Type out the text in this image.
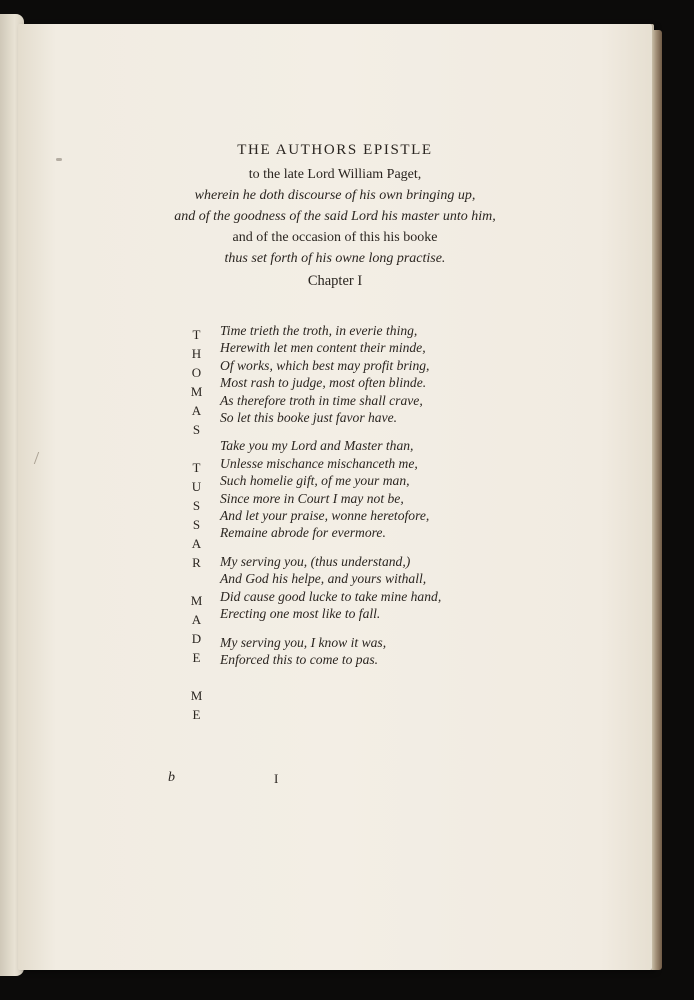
THE AUTHORS EPISTLE
to the late Lord William Paget,
wherein he doth discourse of his own bringing up,
and of the goodness of the said Lord his master unto him,
and of the occasion of this his booke
thus set forth of his owne long practise.
Chapter I
THOMAS TUSSAR MADE ME Time trieth the troth, in everie thing,
Herewith let men content their minde,
Of works, which best may profit bring,
Most rash to judge, most often blinde.
As therefore troth in time shall crave,
So let this booke just favor have.
Take you my Lord and Master than,
Unlesse mischance mischanceth me,
Such homelie gift, of me your man,
Since more in Court I may not be,
And let your praise, wonne heretofore,
Remaine abrode for evermore.
My serving you, (thus understand,)
And God his helpe, and yours withall,
Did cause good lucke to take mine hand,
Erecting one most like to fall.
My serving you, I know it was,
Enforced this to come to pas.
b	I
